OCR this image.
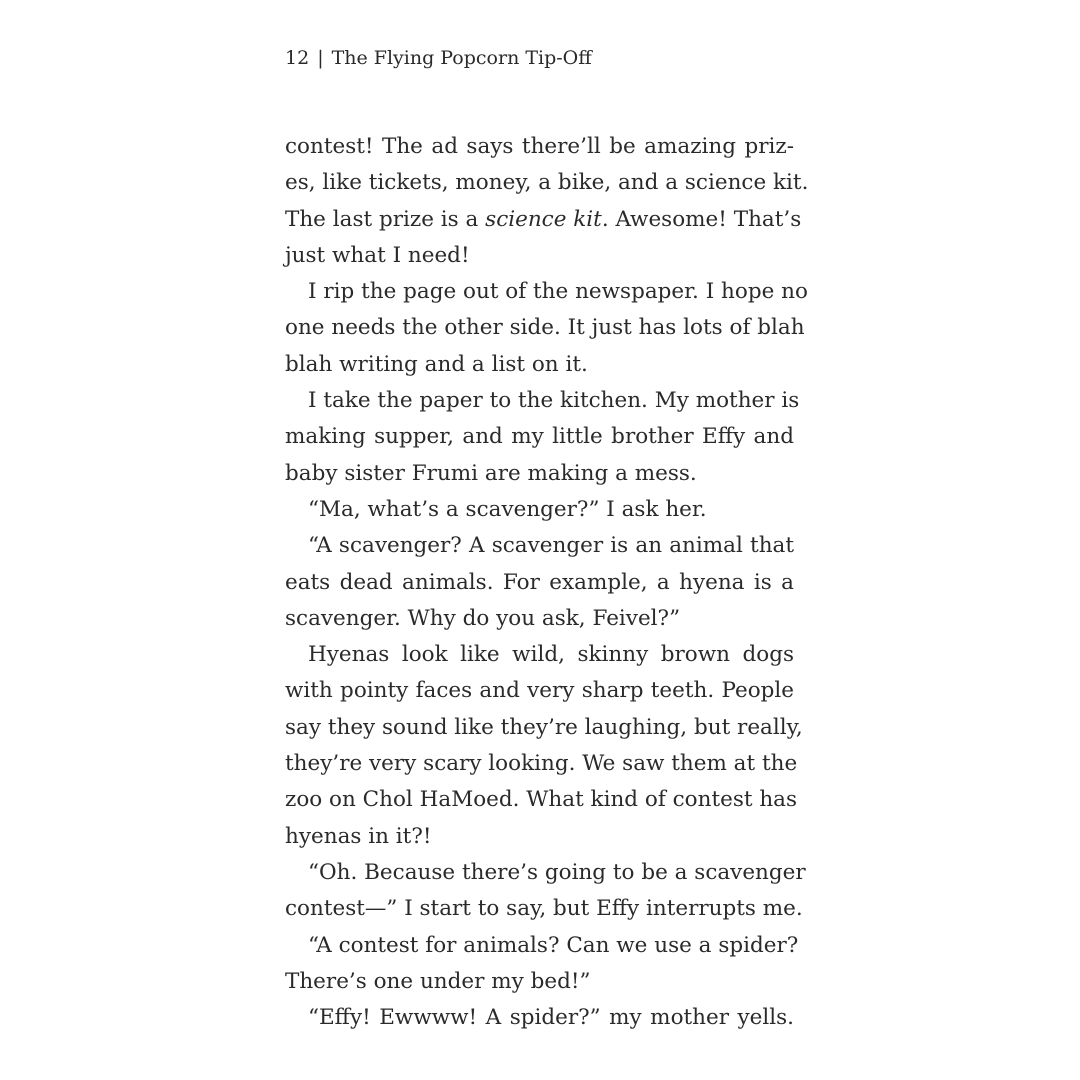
12 | The Flying Popcorn Tip-Off
contest! The ad says there’ll be amazing priz-
es, like tickets, money, a bike, and a science kit.
The last prize is a science kit. Awesome! That’s
just what I need!
I rip the page out of the newspaper. I hope no
one needs the other side. It just has lots of blah
blah writing and a list on it.
I take the paper to the kitchen. My mother is
making supper, and my little brother Effy and
baby sister Frumi are making a mess.
“Ma, what’s a scavenger?” I ask her.
“A scavenger? A scavenger is an animal that
eats dead animals. For example, a hyena is a
scavenger. Why do you ask, Feivel?”
Hyenas look like wild, skinny brown dogs
with pointy faces and very sharp teeth. People
say they sound like they’re laughing, but really,
they’re very scary looking. We saw them at the
zoo on Chol HaMoed. What kind of contest has
hyenas in it?!
“Oh. Because there’s going to be a scavenger
contest—” I start to say, but Effy interrupts me.
“A contest for animals? Can we use a spider?
There’s one under my bed!”
“Effy! Ewwww! A spider?” my mother yells.
